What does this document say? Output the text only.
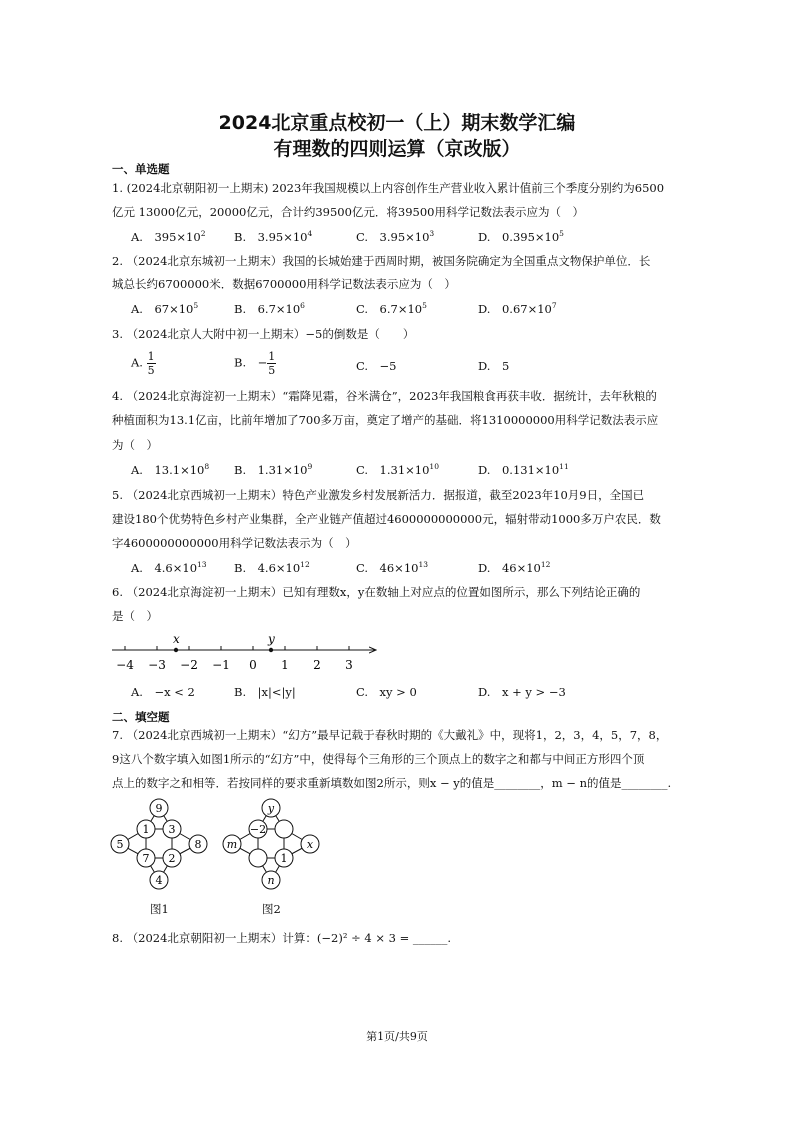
2024北京重点校初一（上）期末数学汇编
有理数的四则运算（京改版）
一、单选题
1. (2024北京朝阳初一上期末) 2023年我国规模以上内容创作生产营业收入累计值前三个季度分别约为6500
亿元 13000亿元，20000亿元，合计约39500亿元．将39500用科学记数法表示应为（　）
A.　$395\times 10^2$ B.　$3.95\times 10^4$	C.　$3.95\times 10^3$	D.　$0.395\times 10^5$
2. （2024北京东城初一上期末）我国的长城始建于西周时期，被国务院确定为全国重点文物保护单位．长
城总长约6700000米．数据6700000用科学记数法表示应为（　）
A.　$67\times 10^5$	B.　$6.7\times 10^6$	C.　$6.7\times 10^5$	D.　$0.67\times 10^7$
3. （2024北京人大附中初一上期末）−5的倒数是（　　）
A. $\frac{1}{5}$	B.　− $\frac{1}{5}$	C.　−5	D.　5
4. （2024北京海淀初一上期末）“霜降见霜，谷米满仓”，2023年我国粮食再获丰收．据统计，去年秋粮的
种植面积为13.1亿亩，比前年增加了700多万亩，奠定了增产的基础．将1310000000用科学记数法表示应
为（　）
A.　$13.1\times 10^8$ B.　$1.31\times 10^9$	C.　$1.31\times 10^{10}$	D.　$0.131\times 10^{11}$
5. （2024北京西城初一上期末）特色产业激发乡村发展新活力．据报道，截至2023年10月9日，全国已
建设180个优势特色乡村产业集群，全产业链产值超过4600000000000元，辐射带动1000多万户农民．数
字4600000000000用科学记数法表示为（　）
A.　$4.6\times 10^{13}$ B.　$4.6\times 10^{12}$	C.　$46\times 10^{13}$	D.　$46\times 10^{12}$
6. （2024北京海淀初一上期末）已知有理数x，y在数轴上对应点的位置如图所示，那么下列结论正确的
是（　）
−4 −3 −2 −1 0 1 2 3
x	y
A.　−x < 2	B.　|x|<|y|	C.　xy > 0	D.　x + y > −3
二、填空题
7. （2024北京西城初一上期末）“幻方”最早记载于春秋时期的《大戴礼》中，现将1，2，3，4，5，7，8，
9这八个数字填入如图1所示的“幻方”中，使得每个三角形的三个顶点上的数字之和都与中间正方形四个顶
点上的数字之和相等．若按同样的要求重新填数如图2所示，则x − y的值是________，m − n的值是________.
9
5	8
4
1 3
7 2
图1
y
m	x
n
−2
1
图2
8. （2024北京朝阳初一上期末）计算：(−2)² ÷ 4 × 3 = ______.
第1页/共9页
